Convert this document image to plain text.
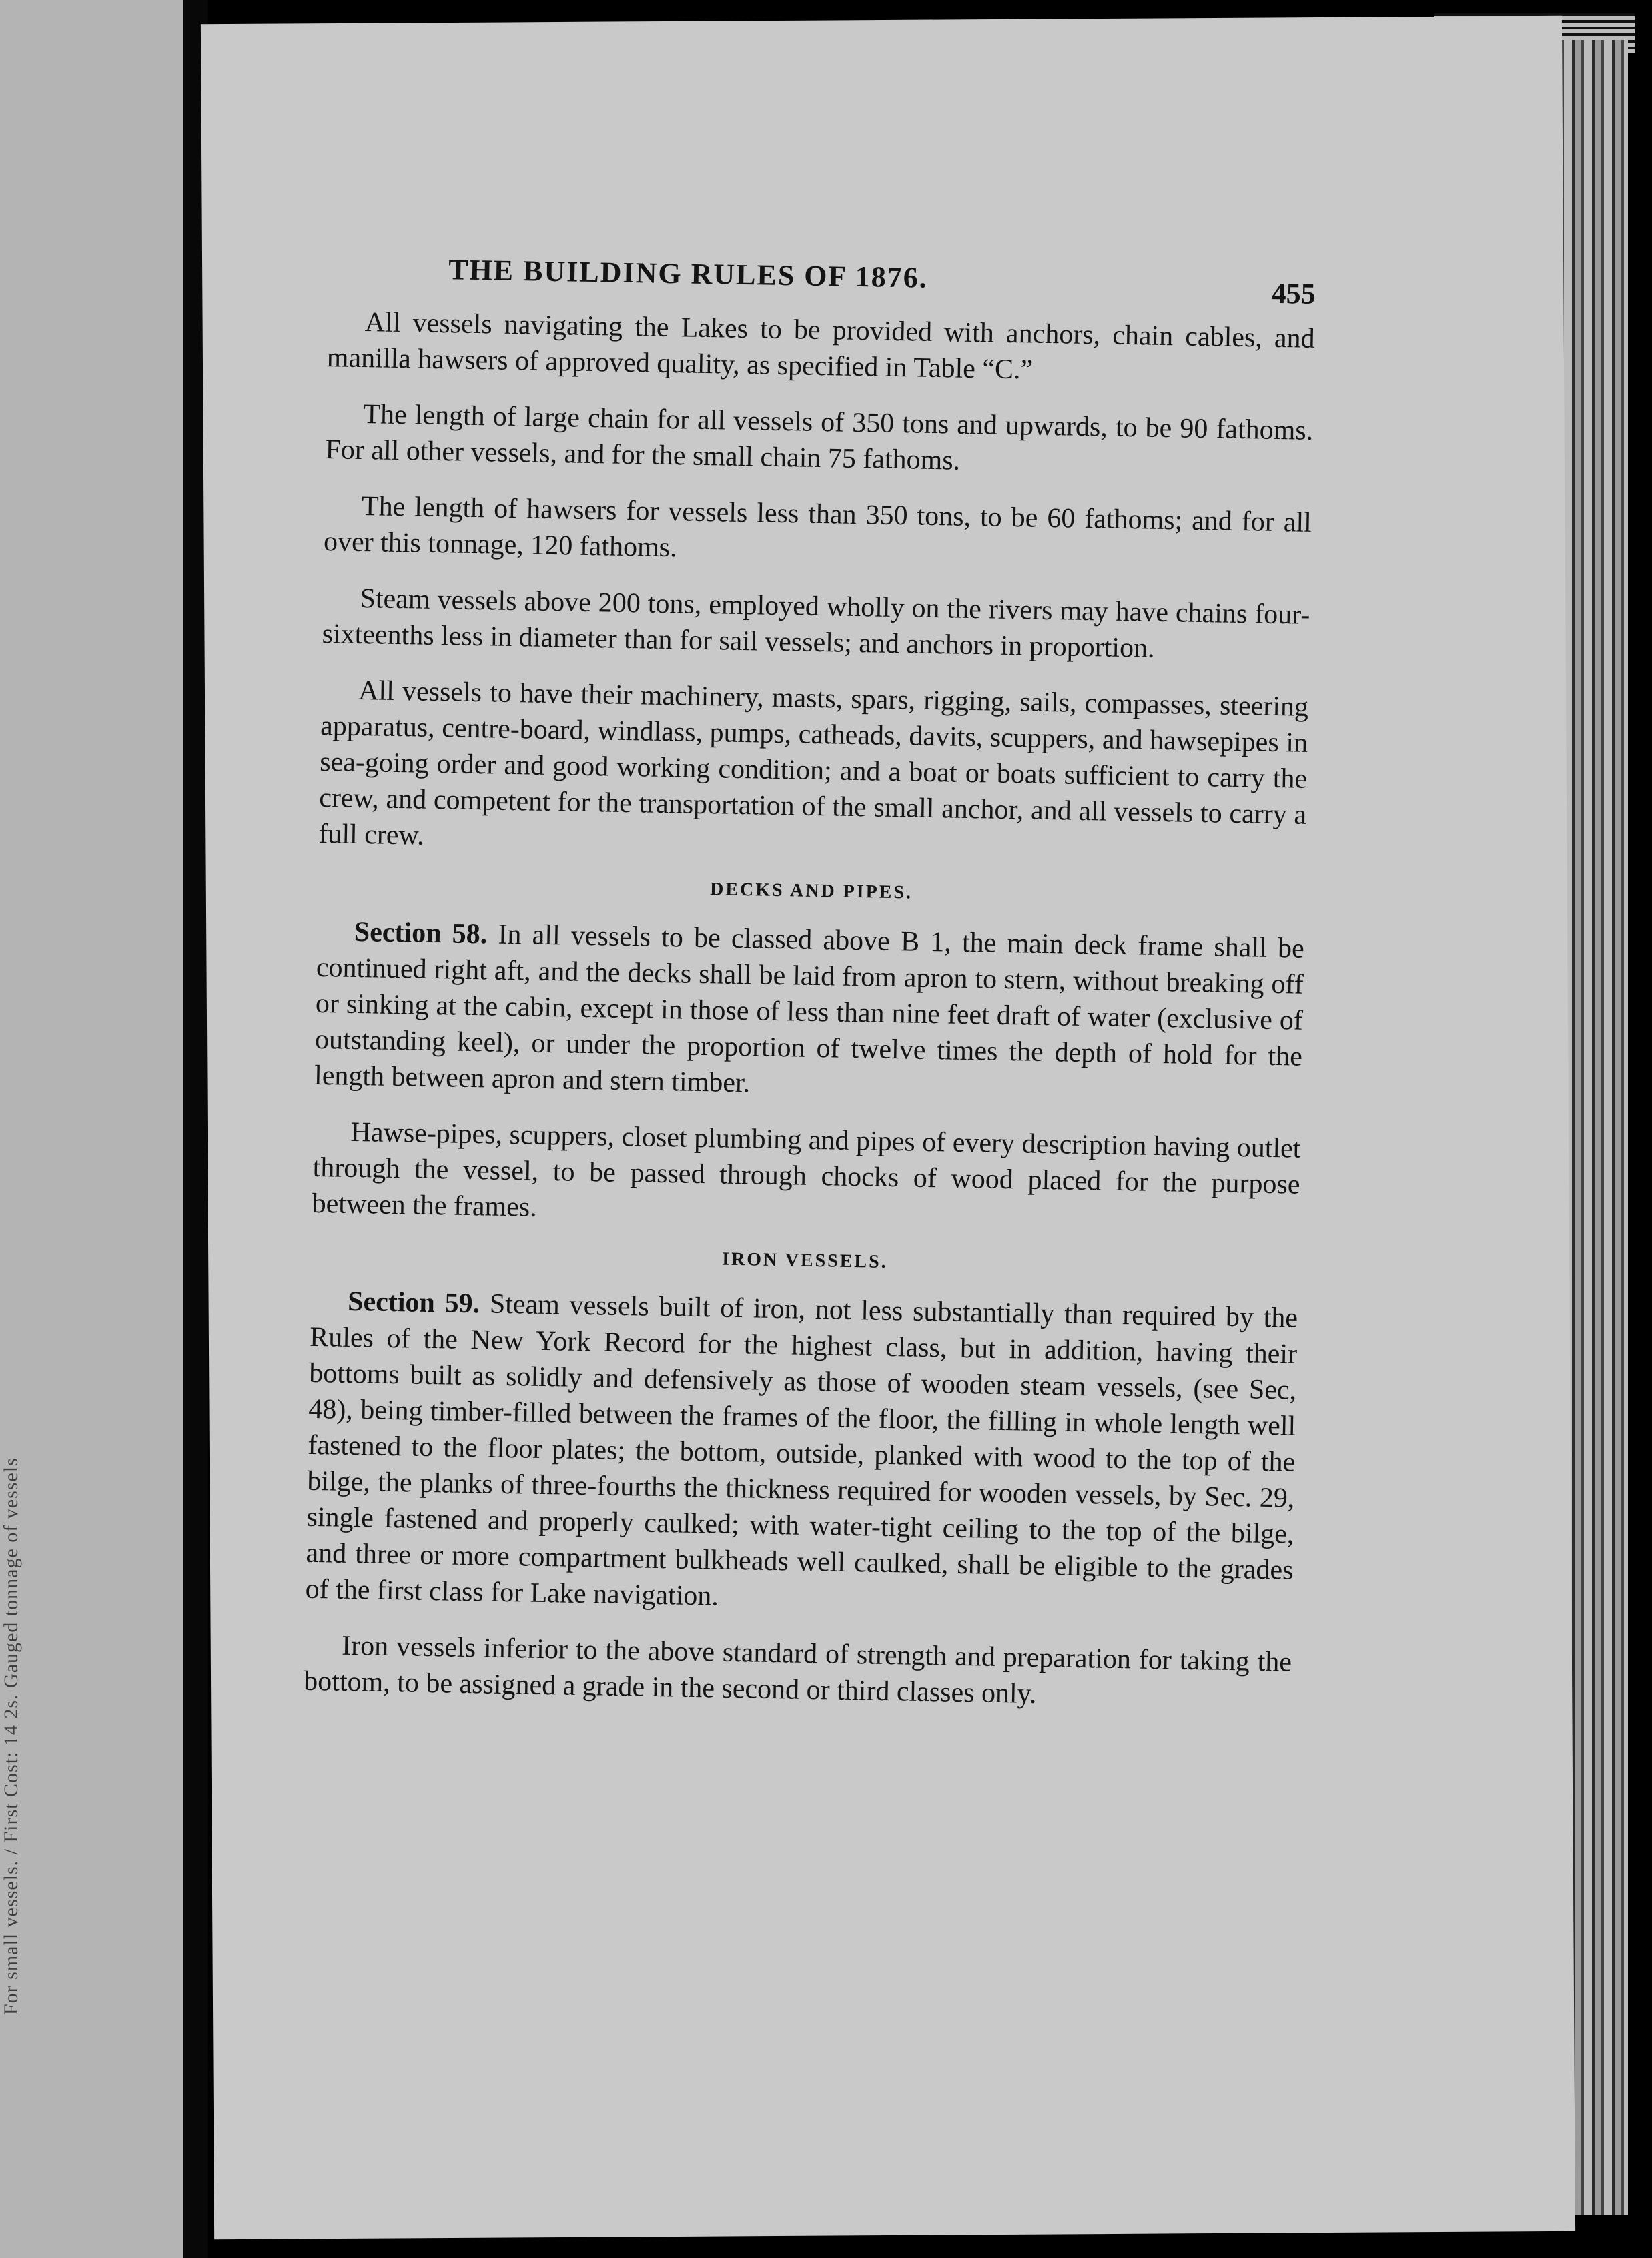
For small vessels. / First Cost: 14 2s. Gauged tonnage of vessels
THE BUILDING RULES OF 1876.	455

All vessels navigating the Lakes to be provided with anchors, chain cables, and manilla hawsers of approved quality, as specified in Table “C.”

The length of large chain for all vessels of 350 tons and upwards, to be 90 fathoms. For all other vessels, and for the small chain 75 fathoms.

The length of hawsers for vessels less than 350 tons, to be 60 fathoms; and for all over this tonnage, 120 fathoms.

Steam vessels above 200 tons, employed wholly on the rivers may have chains four-sixteenths less in diameter than for sail vessels; and anchors in proportion.

All vessels to have their machinery, masts, spars, rigging, sails, compasses, steering apparatus, centre-board, windlass, pumps, catheads, davits, scuppers, and hawsepipes in sea-going order and good working condition; and a boat or boats sufficient to carry the crew, and competent for the transportation of the small anchor, and all vessels to carry a full crew.

DECKS AND PIPES.

Section 58. In all vessels to be classed above B 1, the main deck frame shall be continued right aft, and the decks shall be laid from apron to stern, without breaking off or sinking at the cabin, except in those of less than nine feet draft of water (exclusive of outstanding keel), or under the proportion of twelve times the depth of hold for the length between apron and stern timber.

Hawse-pipes, scuppers, closet plumbing and pipes of every description having outlet through the vessel, to be passed through chocks of wood placed for the purpose between the frames.

IRON VESSELS.

Section 59. Steam vessels built of iron, not less substantially than required by the Rules of the New York Record for the highest class, but in addition, having their bottoms built as solidly and defensively as those of wooden steam vessels, (see Sec, 48), being timber-filled between the frames of the floor, the filling in whole length well fastened to the floor plates; the bottom, outside, planked with wood to the top of the bilge, the planks of three-fourths the thickness required for wooden vessels, by Sec. 29, single fastened and properly caulked; with water-tight ceiling to the top of the bilge, and three or more compartment bulkheads well caulked, shall be eligible to the grades of the first class for Lake navigation.

Iron vessels inferior to the above standard of strength and preparation for taking the bottom, to be assigned a grade in the second or third classes only.
